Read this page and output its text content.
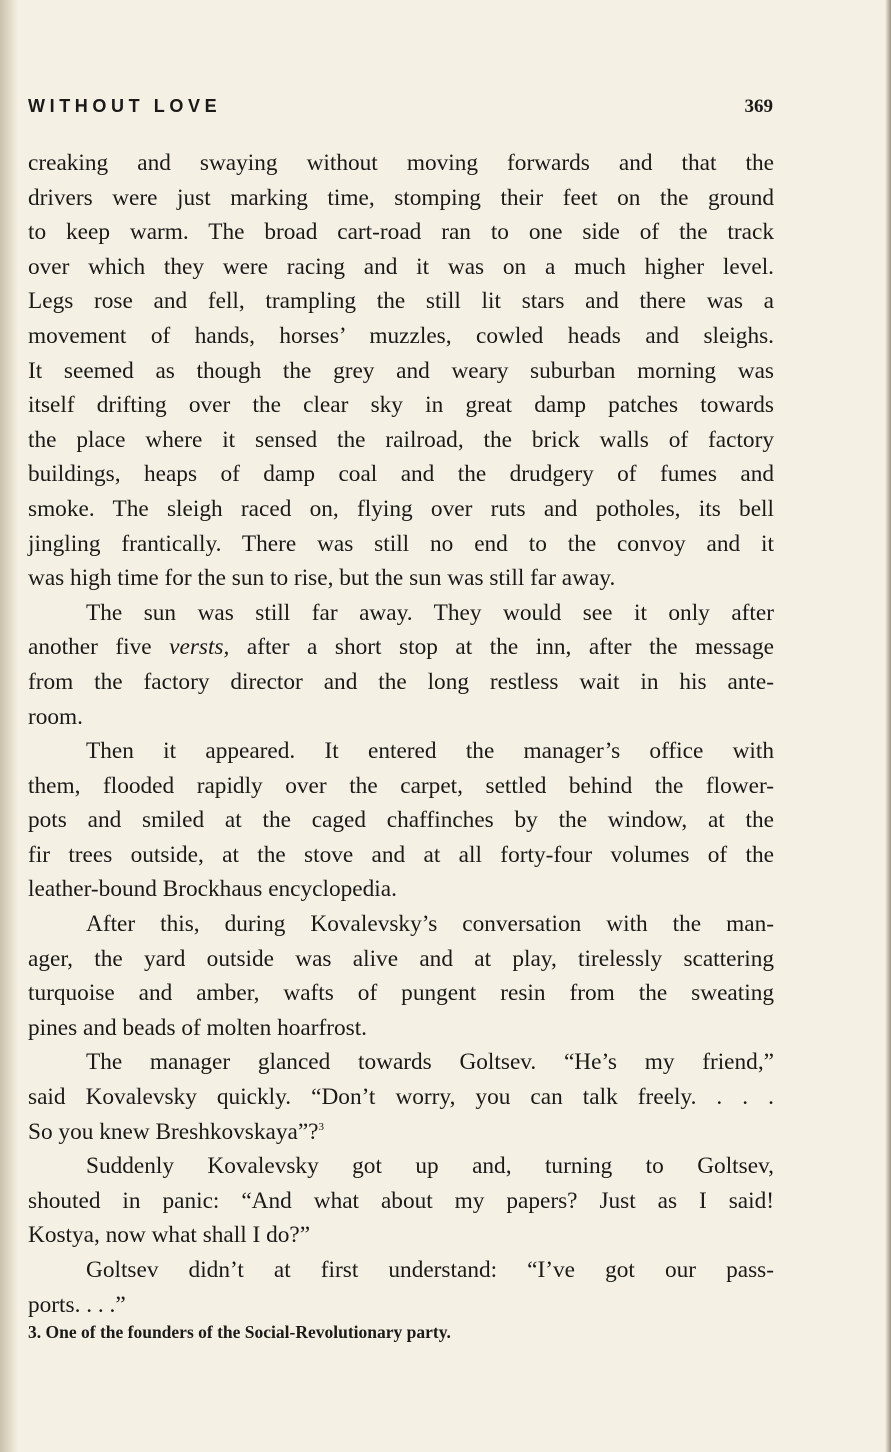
WITHOUT LOVE	369
creaking and swaying without moving forwards and that the
drivers were just marking time, stomping their feet on the ground
to keep warm. The broad cart-road ran to one side of the track
over which they were racing and it was on a much higher level.
Legs rose and fell, trampling the still lit stars and there was a
movement of hands, horses’ muzzles, cowled heads and sleighs.
It seemed as though the grey and weary suburban morning was
itself drifting over the clear sky in great damp patches towards
the place where it sensed the railroad, the brick walls of factory
buildings, heaps of damp coal and the drudgery of fumes and
smoke. The sleigh raced on, flying over ruts and potholes, its bell
jingling frantically. There was still no end to the convoy and it
was high time for the sun to rise, but the sun was still far away.
The sun was still far away. They would see it only after
another five versts, after a short stop at the inn, after the message
from the factory director and the long restless wait in his ante-
room.
Then it appeared. It entered the manager’s office with
them, flooded rapidly over the carpet, settled behind the flower-
pots and smiled at the caged chaffinches by the window, at the
fir trees outside, at the stove and at all forty-four volumes of the
leather-bound Brockhaus encyclopedia.
After this, during Kovalevsky’s conversation with the man-
ager, the yard outside was alive and at play, tirelessly scattering
turquoise and amber, wafts of pungent resin from the sweating
pines and beads of molten hoarfrost.
The manager glanced towards Goltsev. “He’s my friend,”
said Kovalevsky quickly. “Don’t worry, you can talk freely. . . .
So you knew Breshkovskaya”?$^3$
Suddenly Kovalevsky got up and, turning to Goltsev,
shouted in panic: “And what about my papers? Just as I said!
Kostya, now what shall I do?”
Goltsev didn’t at first understand: “I’ve got our pass-
ports. . . .”
3. One of the founders of the Social-Revolutionary party.
